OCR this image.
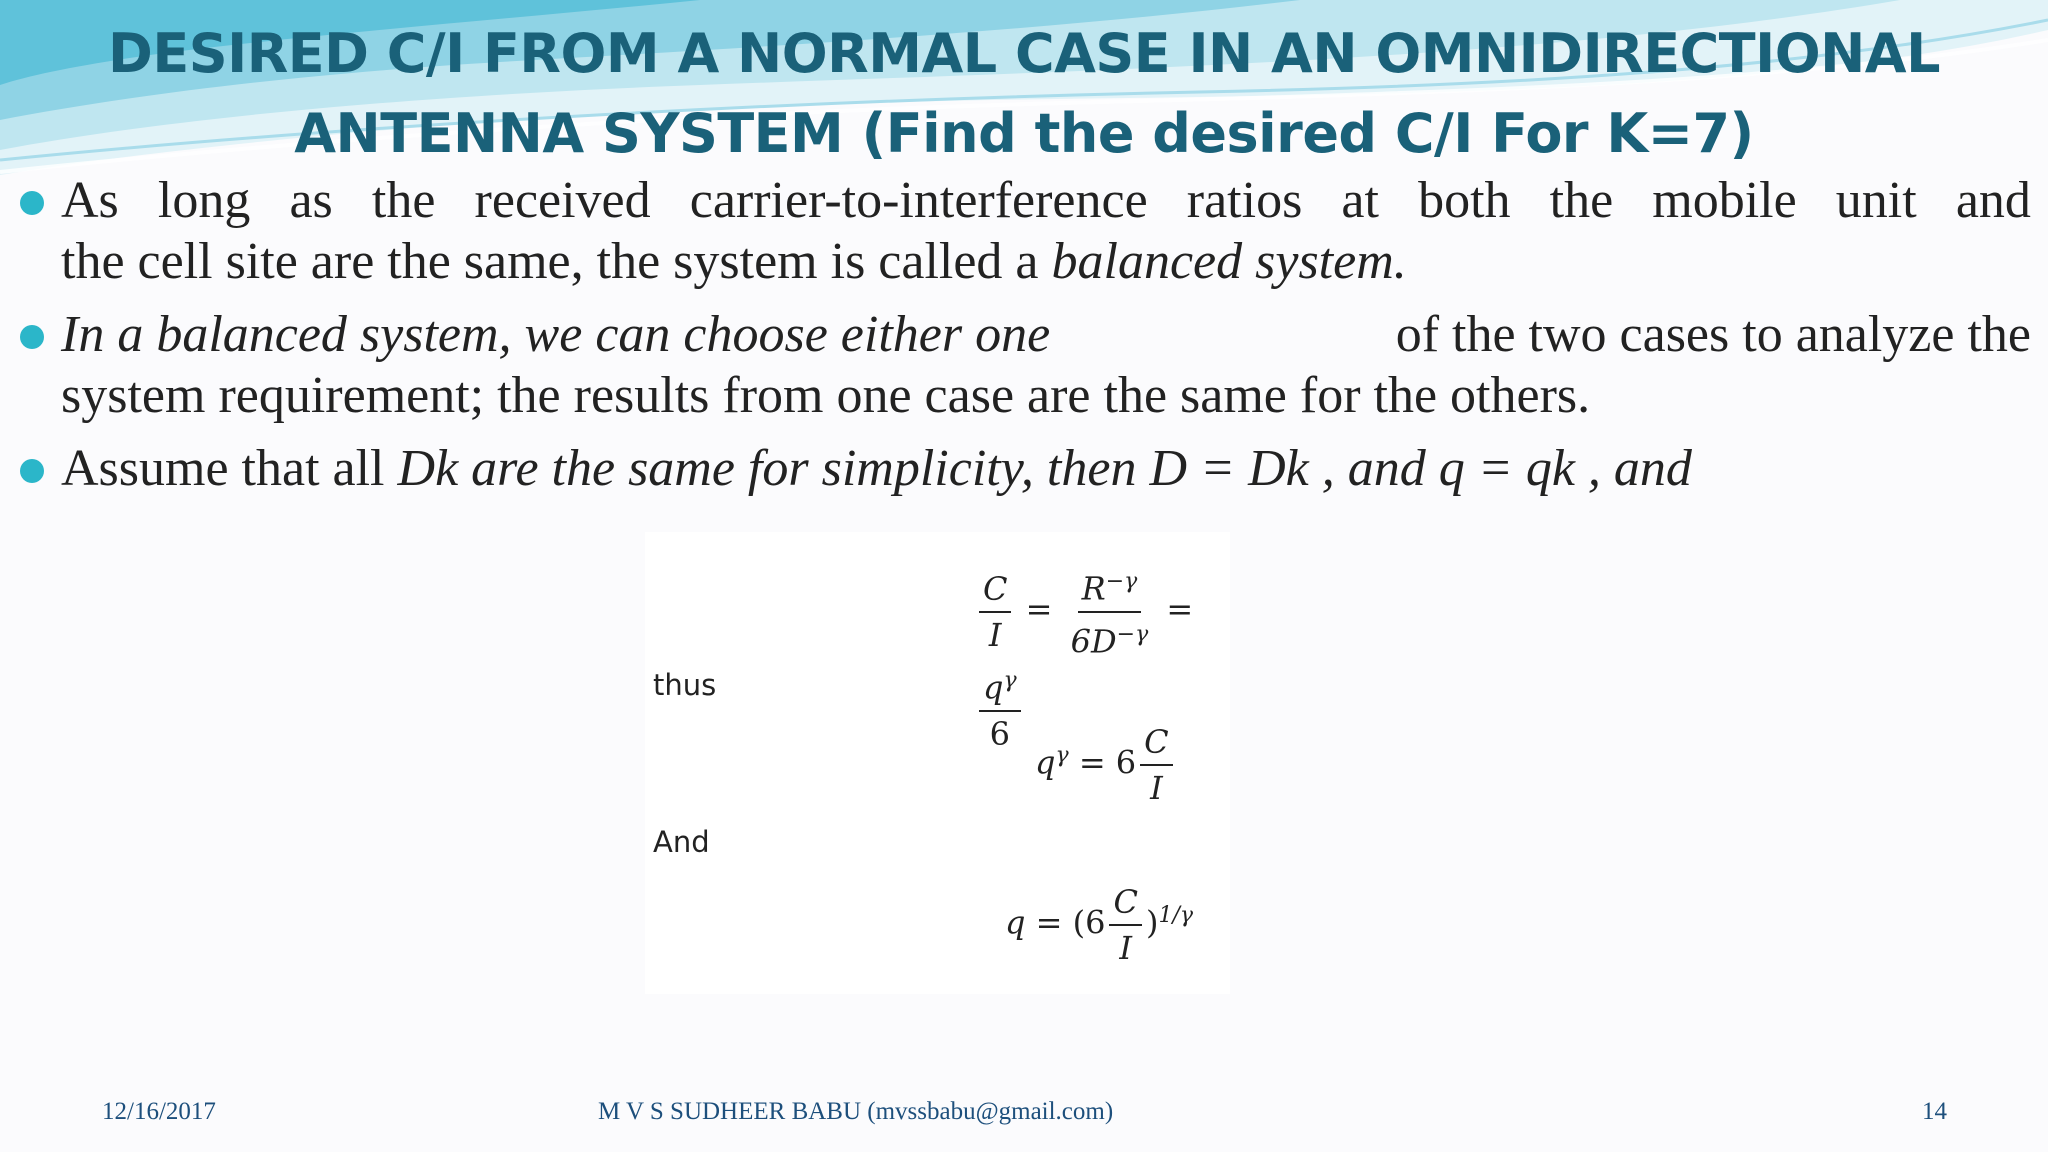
DESIRED C/I FROM A NORMAL CASE IN AN OMNIDIRECTIONAL
ANTENNA SYSTEM (Find the desired C/I For K=7)
As long as the received carrier-to-interference ratios at both the mobile unit and
the cell site are the same, the system is called a balanced system.
In a balanced system, we can choose either one	of the two cases to analyze the
system requirement; the results from one case are the same for the others.
Assume that all Dk are the same for simplicity, then D = Dk , and q = qk , and
$\frac{C}{I} = \frac{R^{-\gamma}}{6D^{-\gamma}}$ =
$\frac{q^\gamma}{6}$
thus
$q^\gamma = 6 \frac{C}{I}$
And
$q = (6 \frac{C}{I} )^{1/\gamma}$
12/16/2017	M V S SUDHEER BABU (mvssbabu@gmail.com)	14
